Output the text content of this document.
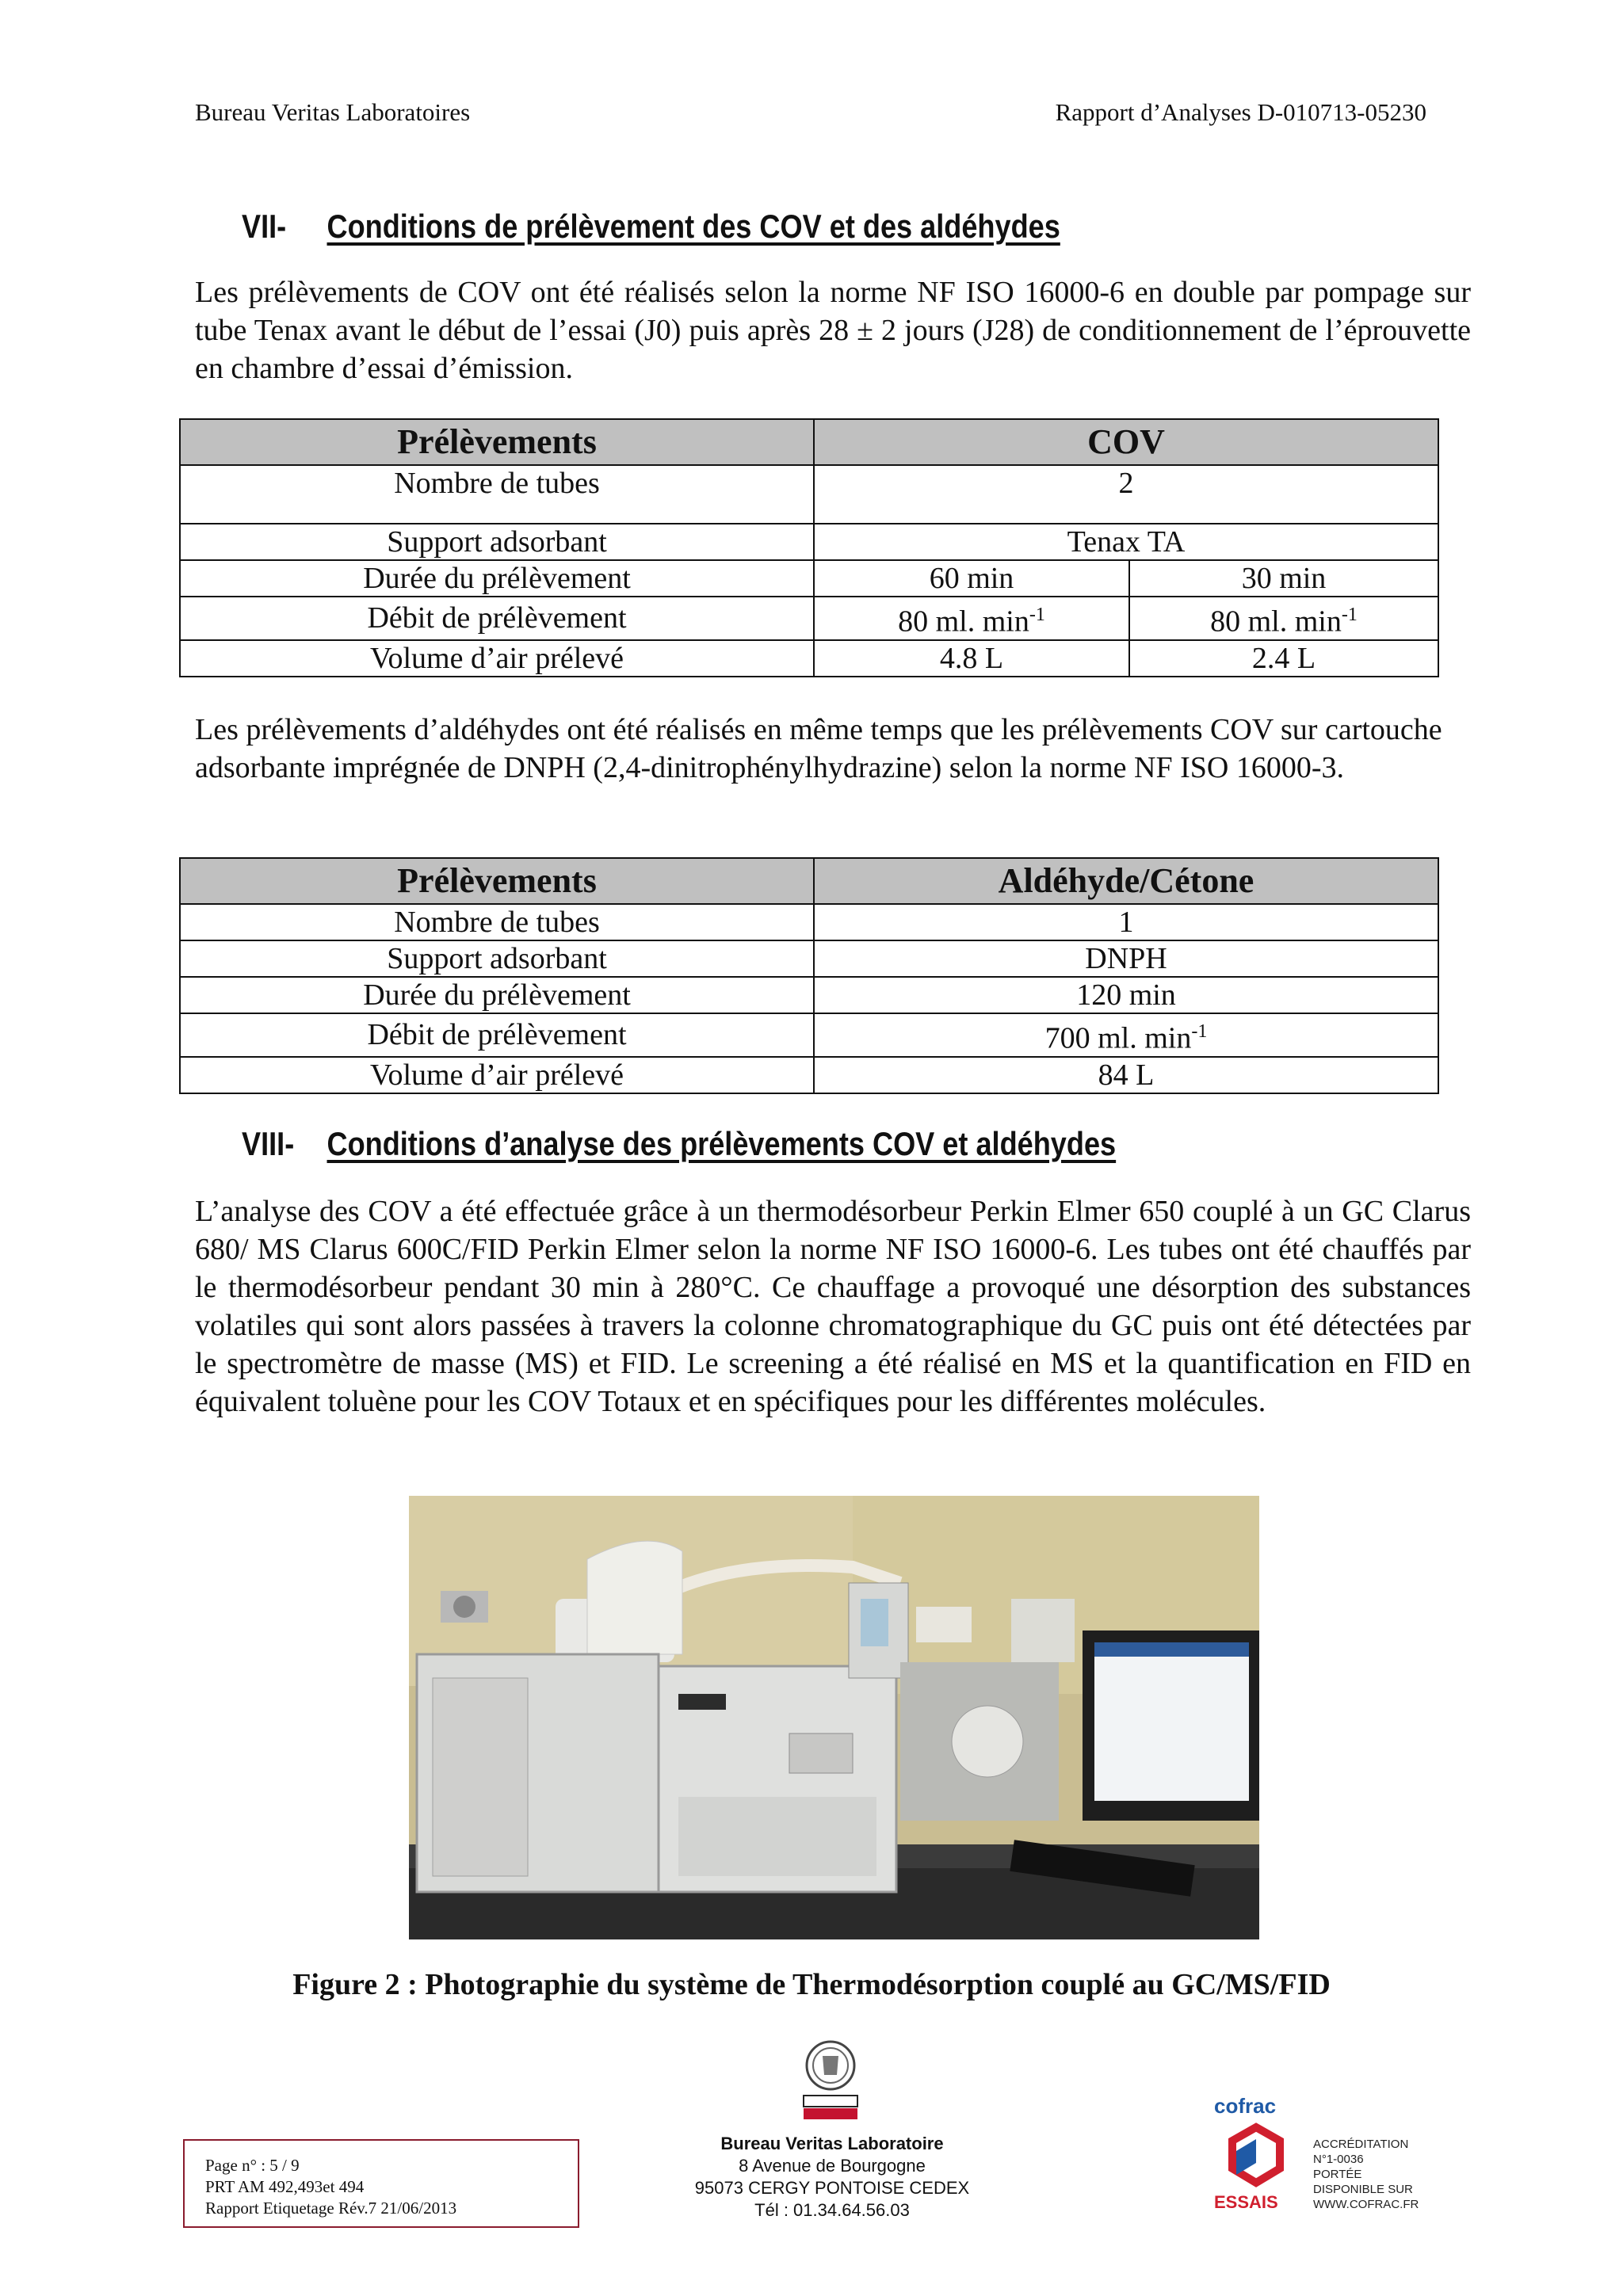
Bureau Veritas Laboratoires	Rapport d’Analyses D-010713-05230
VII- Conditions de prélèvement des COV et des aldéhydes
Les prélèvements de COV ont été réalisés selon la norme NF ISO 16000-6 en double par pompage sur tube Tenax avant le début de l’essai (J0) puis après 28 ± 2 jours (J28) de conditionnement de l’éprouvette en chambre d’essai d’émission.
Prélèvements	COV	
Nombre de tubes	2	
Support adsorbant	Tenax TA	
Durée du prélèvement	60 min	30 min
Débit de prélèvement	80 ml. $\min^{-1}$	80 ml. $\min^{-1}$
Volume d’air prélevé	4.8 L	2.4 L
Les prélèvements d’aldéhydes ont été réalisés en même temps que les prélèvements COV sur cartouche adsorbante imprégnée de DNPH (2,4-dinitrophénylhydrazine) selon la norme NF ISO 16000-3.
Prélèvements	Aldéhyde/Cétone
Nombre de tubes	1
Support adsorbant	DNPH
Durée du prélèvement	120 min
Débit de prélèvement	700 ml. $\min^{-1}$
Volume d’air prélevé	84 L
VIII- Conditions d’analyse des prélèvements COV et aldéhydes
L’analyse des COV a été effectuée grâce à un thermodésorbeur Perkin Elmer 650 couplé à un GC Clarus 680/ MS Clarus 600C/FID Perkin Elmer selon la norme NF ISO 16000-6. Les tubes ont été chauffés par le thermodésorbeur pendant 30 min à 280°C. Ce chauffage a provoqué une désorption des substances volatiles qui sont alors passées à travers la colonne chromatographique du GC puis ont été détectées par le spectromètre de masse (MS) et FID. Le screening a été réalisé en MS et la quantification en FID en équivalent toluène pour les COV Totaux et en spécifiques pour les différentes molécules.
Figure 2 : Photographie du système de Thermodésorption couplé au GC/MS/FID
Bureau Veritas Laboratoire
8 Avenue de Bourgogne
95073 CERGY PONTOISE CEDEX
Tél : 01.34.64.56.03
Page n° : 5 / 9
PRT AM 492,493et 494
Rapport Etiquetage Rév.7 21/06/2013
cofrac
ESSAIS
ACCRÉDITATION
N°1-0036
PORTÉE
DISPONIBLE SUR
WWW.COFRAC.FR
